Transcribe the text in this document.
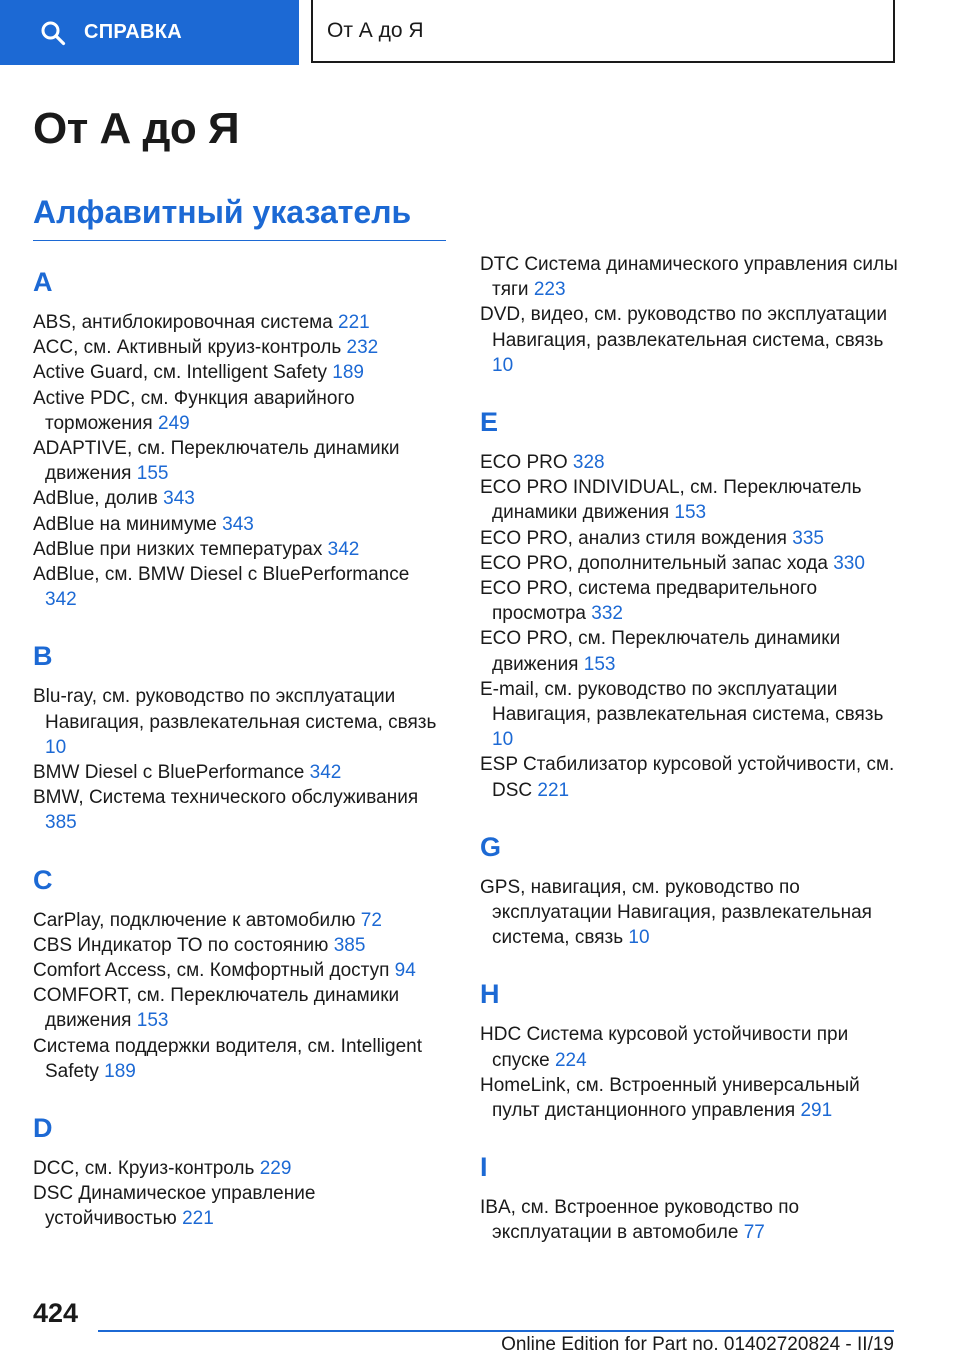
СПРАВКА	От А до Я
От А до Я
Алфавитный указатель
A

ABS, антиблокировочная система 221

ACC, см. Активный круиз-контроль 232

Active Guard, см. Intelligent Safety 189

Active PDC, см. Функция аварийного торможения 249

ADAPTIVE, см. Переключатель динамики движения 155

AdBlue, долив 343

AdBlue на минимуме 343

AdBlue при низких температурах 342

AdBlue, см. BMW Diesel с BluePerformance 342

B

Blu-ray, см. руководство по эксплуатации Навигация, развлекательная система, связь 10

BMW Diesel с BluePerformance 342

BMW, Система технического обслуживания 385

C

CarPlay, подключение к автомобилю 72

CBS Индикатор ТО по состоянию 385

Comfort Access, см. Комфортный доступ 94

COMFORT, см. Переключатель динамики движения 153

Система поддержки водителя, см. Intelligent Safety 189

D

DCC, см. Круиз-контроль 229

DSC Динамическое управление устойчивостью 221

DTC Система динамического управления силы тяги 223

DVD, видео, см. руководство по эксплуатации Навигация, развлекательная система, связь 10

E

ECO PRO 328

ECO PRO INDIVIDUAL, см. Переключатель динамики движения 153

ECO PRO, анализ стиля вождения 335

ECO PRO, дополнительный запас хода 330

ECO PRO, система предварительного просмотра 332

ECO PRO, см. Переключатель динамики движения 153

E-mail, см. руководство по эксплуатации Навигация, развлекательная система, связь 10

ESP Стабилизатор курсовой устойчивости, см. DSC 221

G

GPS, навигация, см. руководство по эксплуатации Навигация, развлекательная система, связь 10

H

HDC Система курсовой устойчивости при спуске 224

HomeLink, см. Встроенный универсальный пульт дистанционного управления 291

I

IBA, см. Встроенное руководство по эксплуатации в автомобиле 77

424
Online Edition for Part no. 01402720824 - II/19
